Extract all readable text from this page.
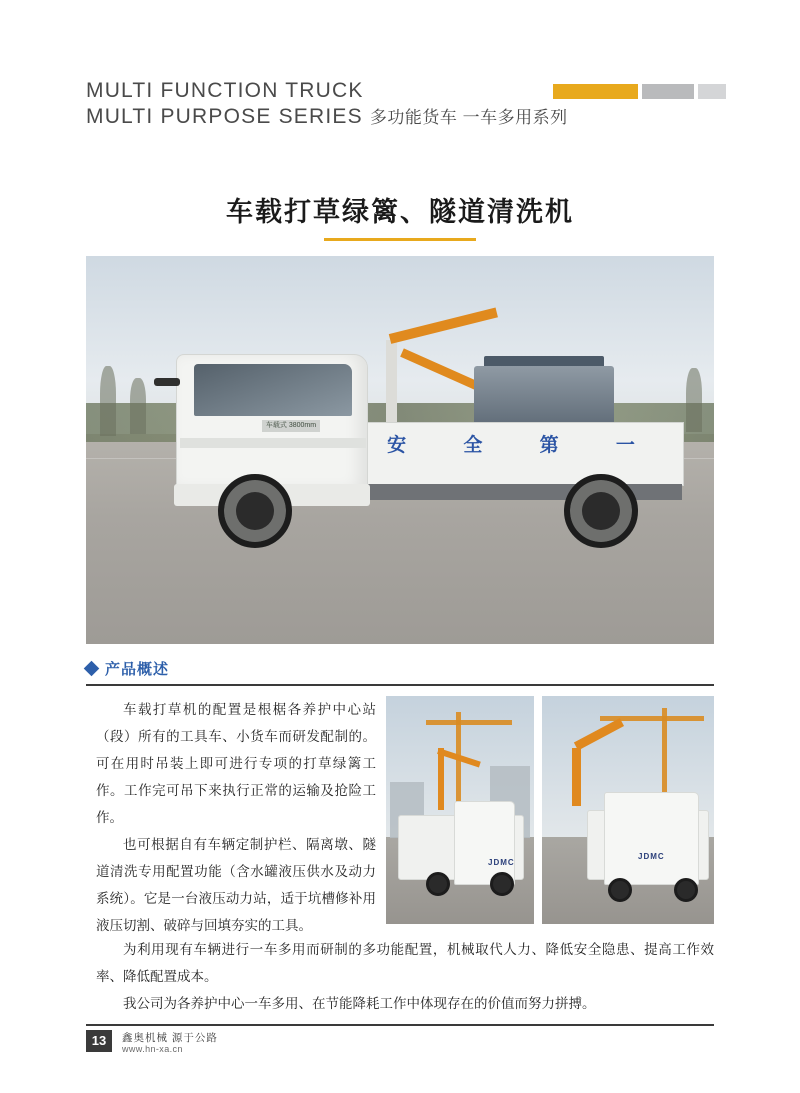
MULTI FUNCTION TRUCK
MULTI PURPOSE SERIES 多功能货车 一车多用系列
车载打草绿篱、隧道清洗机
安 全 第 一
车载式 3800mm
产品概述

车载打草机的配置是根椐各养护中心站（段）所有的工具车、小货车而研发配制的。可在用时吊装上即可进行专项的打草绿篱工作。工作完可吊下来执行正常的运输及抢险工作。

也可根据自有车辆定制护栏、隔离墩、隧道清洗专用配置功能（含水罐液压供水及动力系统）。它是一台液压动力站，适于坑槽修补用液压切割、破碎与回填夯实的工具。

JDMC
JDMC

为利用现有车辆进行一车多用而研制的多功能配置，机械取代人力、降低安全隐患、提高工作效率、降低配置成本。

我公司为各养护中心一车多用、在节能降耗工作中体现存在的价值而努力拼搏。

13	鑫奥机械 源于公路
www.hn-xa.cn
